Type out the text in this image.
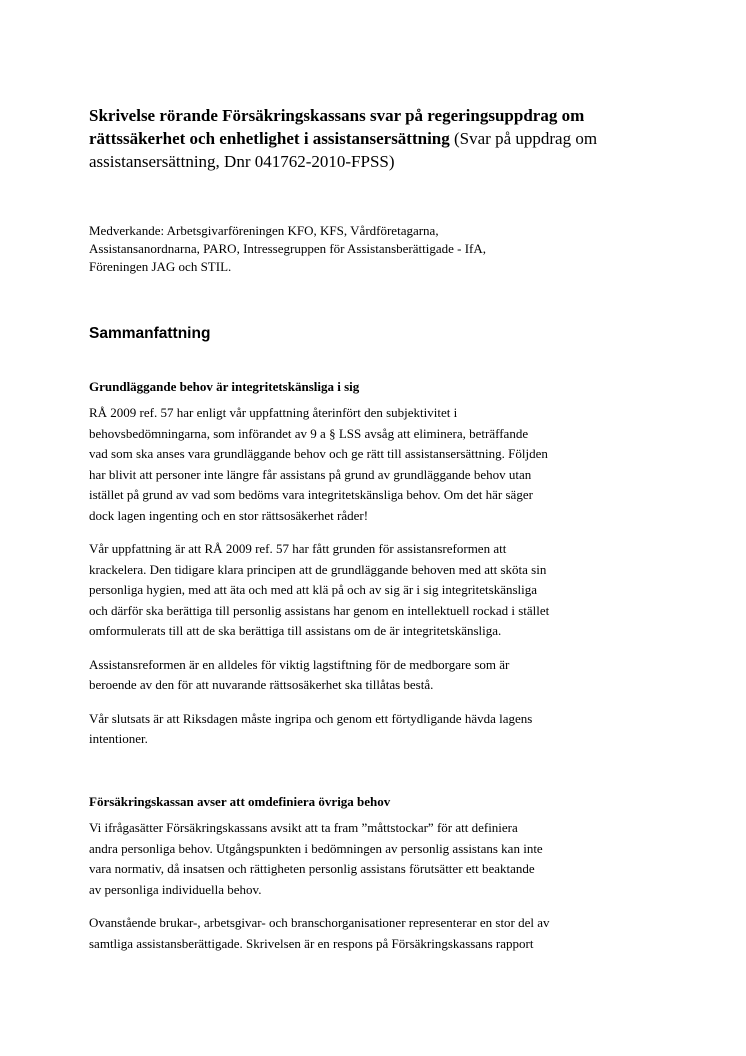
Skrivelse rörande Försäkringskassans svar på regeringsuppdrag om
rättssäkerhet och enhetlighet i assistansersättning (Svar på uppdrag om
assistansersättning, Dnr 041762-2010-FPSS)

Medverkande: Arbetsgivarföreningen KFO, KFS, Vårdföretagarna,
Assistansanordnarna, PARO, Intressegruppen för Assistansberättigade - IfA,
Föreningen JAG och STIL.

Sammanfattning
Grundläggande behov är integritetskänsliga i sig

RÅ 2009 ref. 57 har enligt vår uppfattning återinfört den subjektivitet i
behovsbedömningarna, som införandet av 9 a § LSS avsåg att eliminera, beträffande
vad som ska anses vara grundläggande behov och ge rätt till assistansersättning. Följden
har blivit att personer inte längre får assistans på grund av grundläggande behov utan
istället på grund av vad som bedöms vara integritetskänsliga behov. Om det här säger
dock lagen ingenting och en stor rättsosäkerhet råder!

Vår uppfattning är att RÅ 2009 ref. 57 har fått grunden för assistansreformen att
krackelera. Den tidigare klara principen att de grundläggande behoven med att sköta sin
personliga hygien, med att äta och med att klä på och av sig är i sig integritetskänsliga
och därför ska berättiga till personlig assistans har genom en intellektuell rockad i stället
omformulerats till att de ska berättiga till assistans om de är integritetskänsliga.

Assistansreformen är en alldeles för viktig lagstiftning för de medborgare som är
beroende av den för att nuvarande rättsosäkerhet ska tillåtas bestå.

Vår slutsats är att Riksdagen måste ingripa och genom ett förtydligande hävda lagens
intentioner.

Försäkringskassan avser att omdefiniera övriga behov

Vi ifrågasätter Försäkringskassans avsikt att ta fram ”måttstockar” för att definiera
andra personliga behov. Utgångspunkten i bedömningen av personlig assistans kan inte
vara normativ, då insatsen och rättigheten personlig assistans förutsätter ett beaktande
av personliga individuella behov.

Ovanstående brukar-, arbetsgivar- och branschorganisationer representerar en stor del av
samtliga assistansberättigade. Skrivelsen är en respons på Försäkringskassans rapport
